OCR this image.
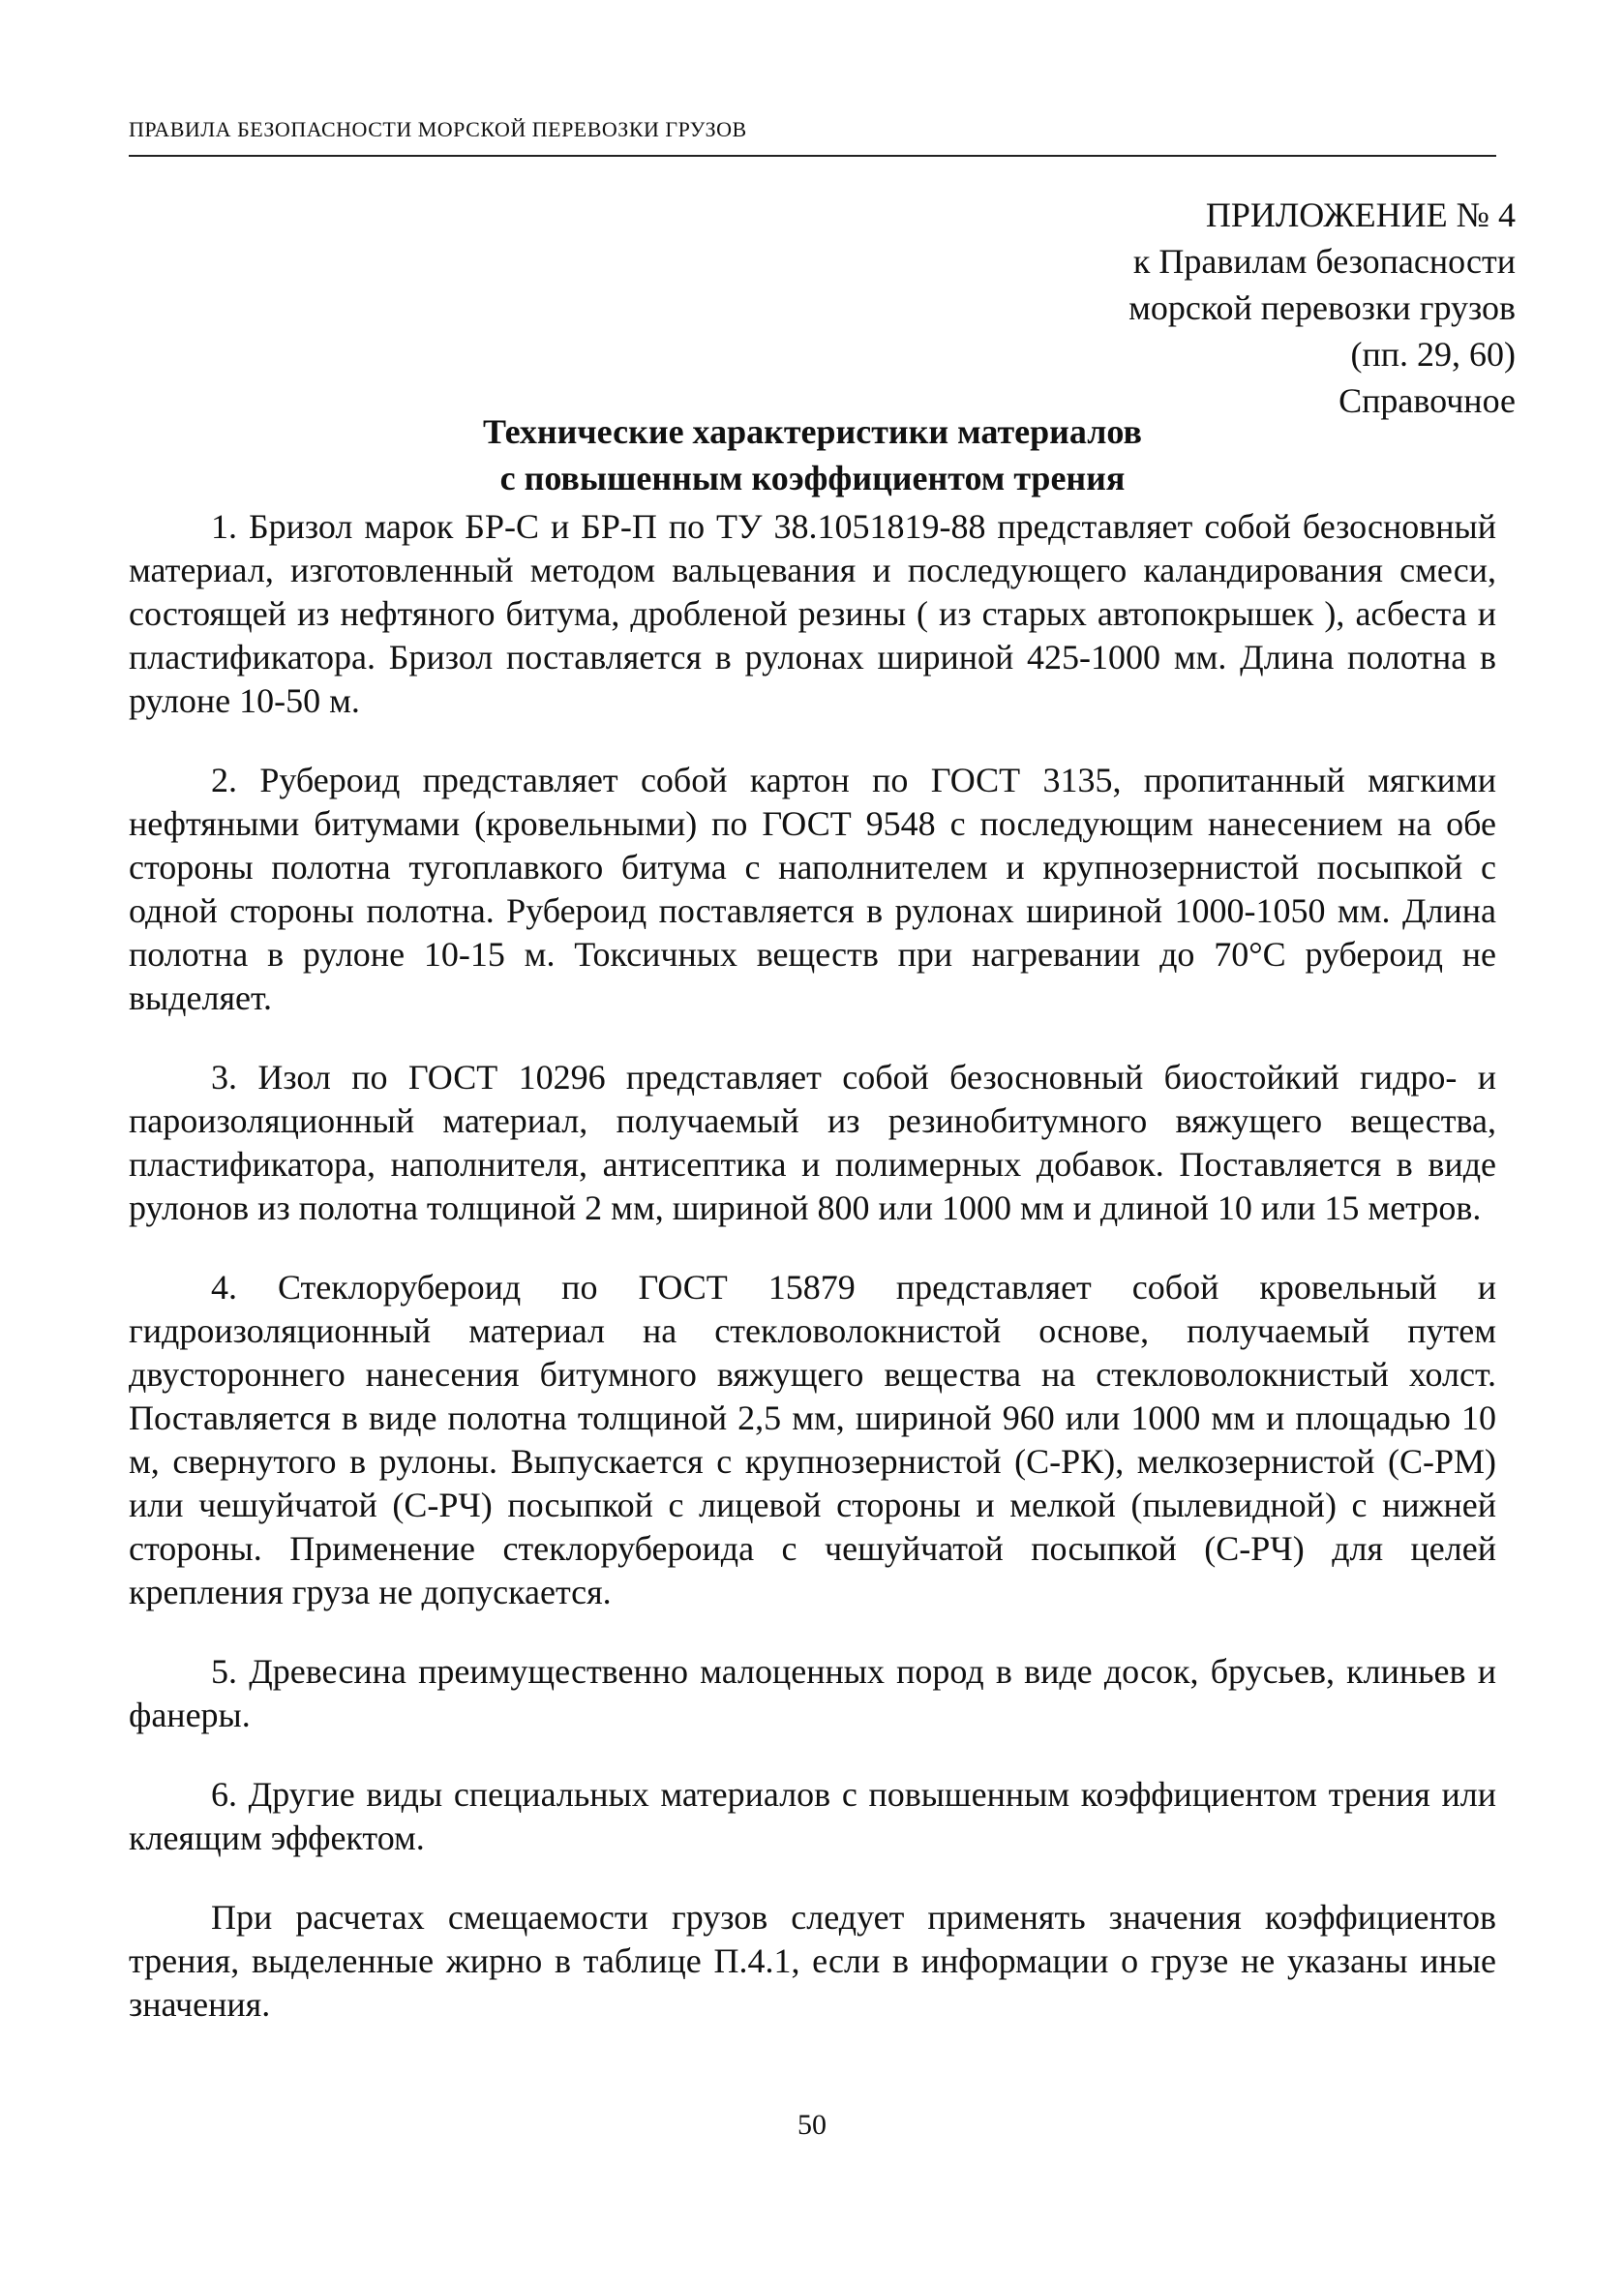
ПРАВИЛА БЕЗОПАСНОСТИ МОРСКОЙ ПЕРЕВОЗКИ ГРУЗОВ
ПРИЛОЖЕНИЕ № 4
к Правилам безопасности
морской перевозки грузов
(пп. 29, 60)
Справочное
Технические характеристики материалов
с повышенным коэффициентом трения

1. Бризол марок БР-С и БР-П по ТУ 38.1051819-88 представляет собой безосновный материал, изготовленный методом вальцевания и последующего каландирования смеси, состоящей из нефтяного битума, дробленой резины ( из старых автопокрышек ), асбеста и пластификатора. Бризол поставляется в рулонах шириной 425-1000 мм. Длина полотна в рулоне 10-50 м.

2. Рубероид представляет собой картон по ГОСТ 3135, пропитанный мягкими нефтяными битумами (кровельными) по ГОСТ 9548 с последующим нанесением на обе стороны полотна тугоплавкого битума с наполнителем и крупнозернистой посыпкой с одной стороны полотна. Рубероид поставляется в рулонах шириной 1000-1050 мм. Длина полотна в рулоне 10-15 м. Токсичных веществ при нагревании до 70°С рубероид не выделяет.

3. Изол по ГОСТ 10296 представляет собой безосновный биостойкий гидро- и пароизоляционный материал, получаемый из резинобитумного вяжущего вещества, пластификатора, наполнителя, антисептика и полимерных добавок. Поставляется в виде рулонов из полотна толщиной 2 мм, шириной 800 или 1000 мм и длиной 10 или 15 метров.

4. Стеклорубероид по ГОСТ 15879 представляет собой кровельный и гидроизоляционный материал на стекловолокнистой основе, получаемый путем двустороннего нанесения битумного вяжущего вещества на стекловолокнистый холст. Поставляется в виде полотна толщиной 2,5 мм, шириной 960 или 1000 мм и площадью 10 м, свернутого в рулоны. Выпускается с крупнозернистой (С-РК), мелкозернистой (С-РМ) или чешуйчатой (С-РЧ) посыпкой с лицевой стороны и мелкой (пылевидной) с нижней стороны. Применение стеклорубероида с чешуйчатой посыпкой (С-РЧ) для целей крепления груза не допускается.

5. Древесина преимущественно малоценных пород в виде досок, брусьев, клиньев и фанеры.

6. Другие виды специальных материалов с повышенным коэффициентом трения или клеящим эффектом.

При расчетах смещаемости грузов следует применять значения коэффициентов трения, выделенные жирно в таблице П.4.1, если в информации о грузе не указаны иные значения.

50
